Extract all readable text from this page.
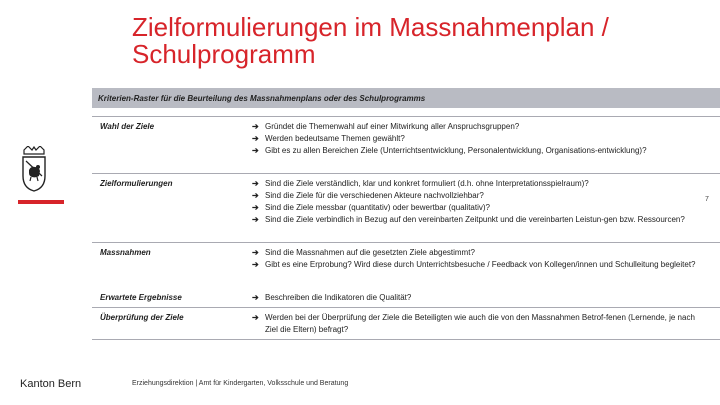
Zielformulierungen im Massnahmenplan /
Schulprogramm
7
Kriterien-Raster für die Beurteilung des Massnahmenplans oder des Schulprogramms
Wahl der Ziele	➔ Gründet die Themenwahl auf einer Mitwirkung aller Anspruchsgruppen?
➔ Werden bedeutsame Themen gewählt?
➔ Gibt es zu allen Bereichen Ziele (Unterrichtsentwicklung, Personalentwicklung, Organisations-entwicklung)?
Zielformulierungen	➔ Sind die Ziele verständlich, klar und konkret formuliert (d.h. ohne Interpretationsspielraum)?
➔ Sind die Ziele für die verschiedenen Akteure nachvollziehbar?
➔ Sind die Ziele messbar (quantitativ) oder bewertbar (qualitativ)?
➔ Sind die Ziele verbindlich in Bezug auf den vereinbarten Zeitpunkt und die vereinbarten Leistun-gen bzw. Ressourcen?
Massnahmen	➔ Sind die Massnahmen auf die gesetzten Ziele abgestimmt?
➔ Gibt es eine Erprobung? Wird diese durch Unterrichtsbesuche / Feedback von Kollegen/innen und Schulleitung begleitet?
Erwartete Ergebnisse	➔ Beschreiben die Indikatoren die Qualität?
Überprüfung der Ziele	➔ Werden bei der Überprüfung der Ziele die Beteiligten wie auch die von den Massnahmen Betrof-fenen (Lernende, je nach Ziel die Eltern) befragt?
Kanton Bern	Erziehungsdirektion | Amt für Kindergarten, Volksschule und Beratung
